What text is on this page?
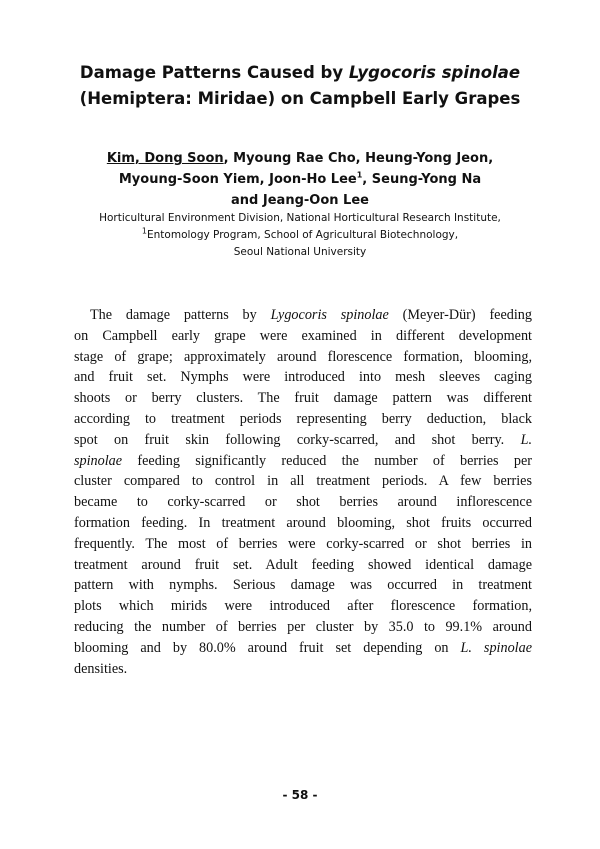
Damage Patterns Caused by Lygocoris spinolae
(Hemiptera: Miridae) on Campbell Early Grapes
Kim, Dong Soon, Myoung Rae Cho, Heung-Yong Jeon,
Myoung-Soon Yiem, Joon-Ho Lee$^1$, Seung-Yong Na
and Jeang-Oon Lee
Horticultural Environment Division, National Horticultural Research Institute,
$^1$Entomology Program, School of Agricultural Biotechnology,
Seoul National University
The damage patterns by Lygocoris spinolae (Meyer-Dür) feeding
on Campbell early grape were examined in different development
stage of grape; approximately around florescence formation, blooming,
and fruit set. Nymphs were introduced into mesh sleeves caging
shoots or berry clusters. The fruit damage pattern was different
according to treatment periods representing berry deduction, black
spot on fruit skin following corky-scarred, and shot berry. L.
spinolae feeding significantly reduced the number of berries per
cluster compared to control in all treatment periods. A few berries
became to corky-scarred or shot berries around inflorescence
formation feeding. In treatment around blooming, shot fruits occurred
frequently. The most of berries were corky-scarred or shot berries in
treatment around fruit set. Adult feeding showed identical damage
pattern with nymphs. Serious damage was occurred in treatment
plots which mirids were introduced after florescence formation,
reducing the number of berries per cluster by 35.0 to 99.1% around
blooming and by 80.0% around fruit set depending on L. spinolae
densities.
- 58 -
